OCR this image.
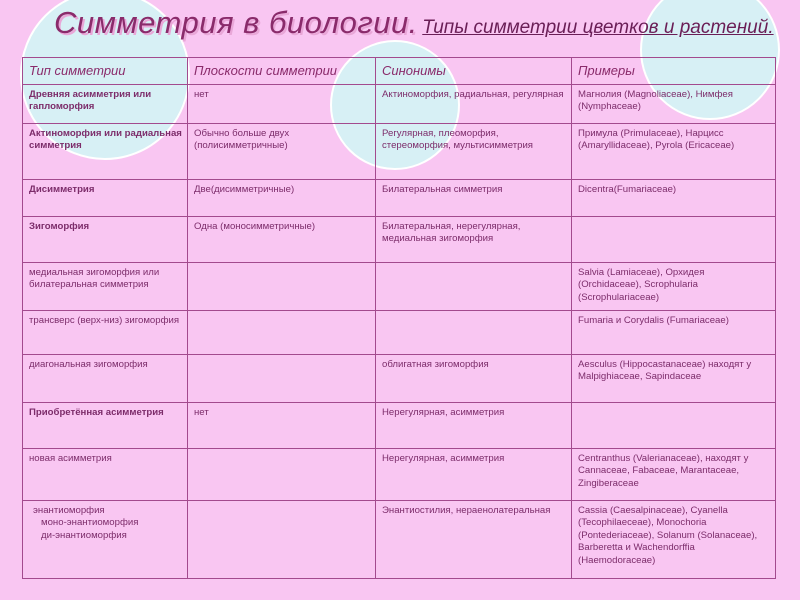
Симметрия в биологии. Типы симметрии цветков и растений.
Тип симметрии	Плоскости симметрии	Синонимы	Примеры
Древняя асимметрия или гапломорфия	нет	Актиноморфия, радиальная, регулярная	Магнолия (Magnoliaceae), Нимфея (Nymphaceae)
Актиноморфия или радиальная симметрия	Обычно больше двух (полисимметричные)	Регулярная, плеоморфия, стереоморфия, мультисимметрия	Примула (Primulaceae), Нарцисс (Amaryllidaceae), Pyrola (Ericaceae)
Дисимметрия	Две(дисимметричные)	Билатеральная симметрия	Dicentra(Fumariaceae)
Зигоморфия	Одна (моносимметричные)	Билатеральная, нерегулярная, медиальная зигоморфия	
медиальная зигоморфия или билатеральная симметрия			Salvia (Lamiaceae), Орхидея (Orchidaceae), Scrophularia (Scrophulariaceae)
трансверс (верх-низ) зигоморфия			Fumaria и Corydalis (Fumariaceae)
диагональная зигоморфия		облигатная зигоморфия	Aesculus (Hippocastanaceae) находят у Malpighiaceae, Sapindaceae
Приобретённая асимметрия	нет	Нерегулярная, асимметрия	
новая асимметрия		Нерегулярная, асимметрия	Centranthus (Valerianaceae), находят у Cannaceae, Fabaceae, Marantaceae, Zingiberaceae

энантиоморфия
моно-энантиоморфия
ди-энантиоморфия		Энантиостилия, нераенолатеральная	Cassia (Caesalpinaceae), Cyanella (Tecophilaeceae), Monochoria (Pontederiaceae), Solanum (Solanaceae), Barberetta и Wachendorffia (Haemodoraceae)
